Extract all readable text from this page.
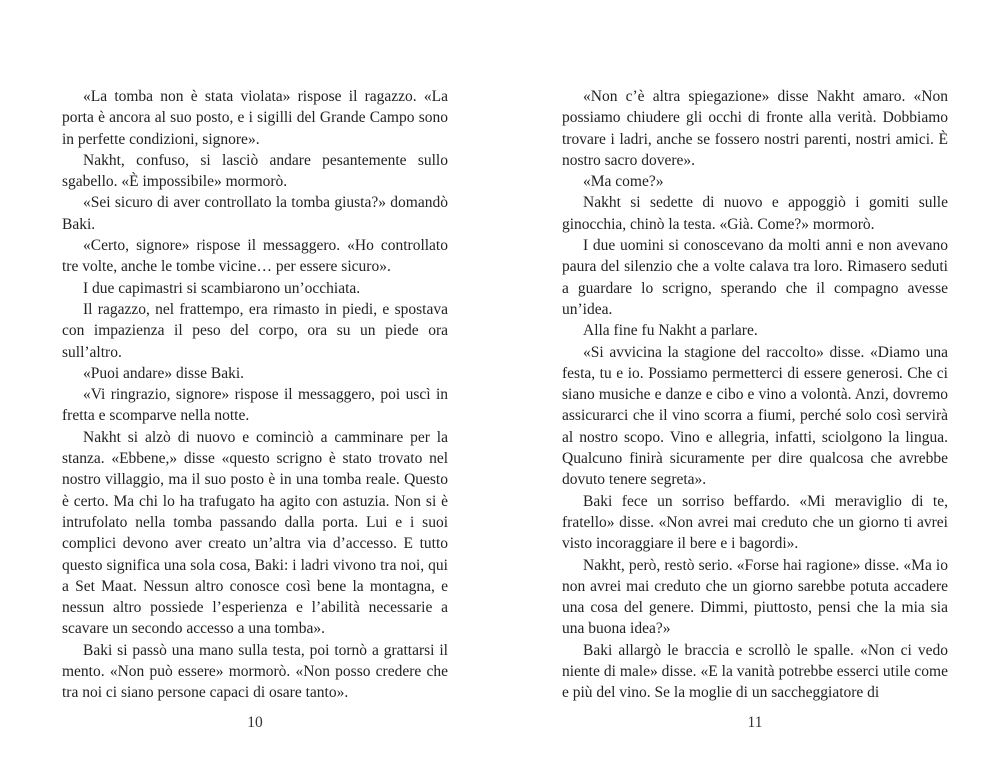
«La tomba non è stata violata» rispose il ragazzo. «La porta è ancora al suo posto, e i sigilli del Grande Campo sono in perfette condizioni, signore».

Nakht, confuso, si lasciò andare pesantemente sullo sgabello. «È impossibile» mormorò.

«Sei sicuro di aver controllato la tomba giusta?» domandò Baki.

«Certo, signore» rispose il messaggero. «Ho controllato tre volte, anche le tombe vicine… per essere sicuro».

I due capimastri si scambiarono un’occhiata.

Il ragazzo, nel frattempo, era rimasto in piedi, e spostava con impazienza il peso del corpo, ora su un piede ora sull’altro.

«Puoi andare» disse Baki.

«Vi ringrazio, signore» rispose il messaggero, poi uscì in fretta e scomparve nella notte.

Nakht si alzò di nuovo e cominciò a camminare per la stanza. «Ebbene,» disse «questo scrigno è stato trovato nel nostro villaggio, ma il suo posto è in una tomba reale. Questo è certo. Ma chi lo ha trafugato ha agito con astuzia. Non si è intrufolato nella tomba passando dalla porta. Lui e i suoi complici devono aver creato un’altra via d’accesso. E tutto questo significa una sola cosa, Baki: i ladri vivono tra noi, qui a Set Maat. Nessun altro conosce così bene la montagna, e nessun altro possiede l’esperienza e l’abilità necessarie a scavare un secondo accesso a una tomba».

Baki si passò una mano sulla testa, poi tornò a grattarsi il mento. «Non può essere» mormorò. «Non posso credere che tra noi ci siano persone capaci di osare tanto».

10

«Non c’è altra spiegazione» disse Nakht amaro. «Non possiamo chiudere gli occhi di fronte alla verità. Dobbiamo trovare i ladri, anche se fossero nostri parenti, nostri amici. È nostro sacro dovere».

«Ma come?»

Nakht si sedette di nuovo e appoggiò i gomiti sulle ginocchia, chinò la testa. «Già. Come?» mormorò.

I due uomini si conoscevano da molti anni e non avevano paura del silenzio che a volte calava tra loro. Rimasero seduti a guardare lo scrigno, sperando che il compagno avesse un’idea.

Alla fine fu Nakht a parlare.

«Si avvicina la stagione del raccolto» disse. «Diamo una festa, tu e io. Possiamo permetterci di essere generosi. Che ci siano musiche e danze e cibo e vino a volontà. Anzi, dovremo assicurarci che il vino scorra a fiumi, perché solo così servirà al nostro scopo. Vino e allegria, infatti, sciolgono la lingua. Qualcuno finirà sicuramente per dire qualcosa che avrebbe dovuto tenere segreta».

Baki fece un sorriso beffardo. «Mi meraviglio di te, fratello» disse. «Non avrei mai creduto che un giorno ti avrei visto incoraggiare il bere e i bagordi».

Nakht, però, restò serio. «Forse hai ragione» disse. «Ma io non avrei mai creduto che un giorno sarebbe potuta accadere una cosa del genere. Dimmi, piuttosto, pensi che la mia sia una buona idea?»

Baki allargò le braccia e scrollò le spalle. «Non ci vedo niente di male» disse. «E la vanità potrebbe esserci utile come e più del vino. Se la moglie di un saccheggiatore di

11
